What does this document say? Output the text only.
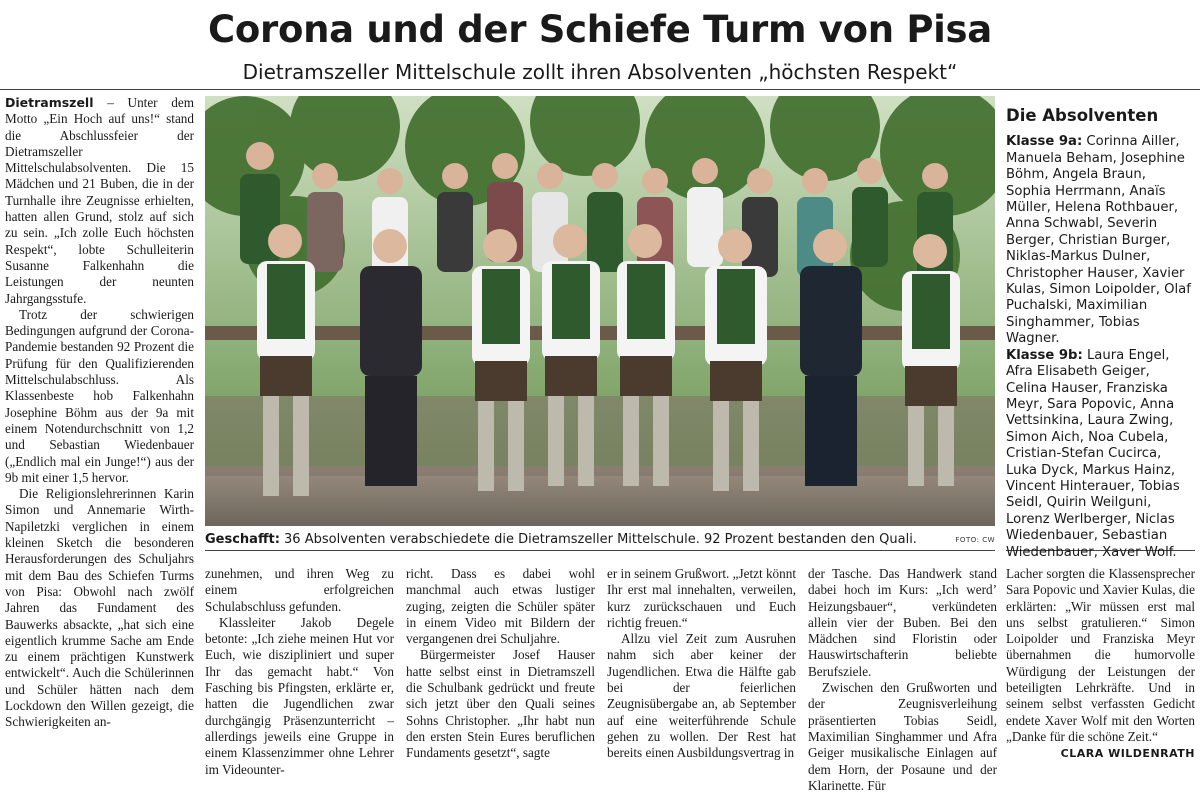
Corona und der Schiefe Turm von Pisa
Dietramszeller Mittelschule zollt ihren Absolventen „höchsten Respekt“

Dietramszell – Unter dem Motto „Ein Hoch auf uns!“ stand die Abschlussfeier der Dietramszeller Mittelschulabsolventen. Die 15 Mädchen und 21 Buben, die in der Turnhalle ihre Zeugnisse erhielten, hatten allen Grund, stolz auf sich zu sein. „Ich zolle Euch höchsten Respekt“, lobte Schulleiterin Susanne Falkenhahn die Leistungen der neunten Jahrgangsstufe.

Trotz der schwierigen Bedingungen aufgrund der Corona-Pandemie bestanden 92 Prozent die Prüfung für den Qualifizierenden Mittelschulabschluss. Als Klassenbeste hob Falkenhahn Josephine Böhm aus der 9a mit einem Notendurchschnitt von 1,2 und Sebastian Wiedenbauer („Endlich mal ein Junge!“) aus der 9b mit einer 1,5 hervor.

Die Religionslehrerinnen Karin Simon und Annemarie Wirth-Napiletzki verglichen in einem kleinen Sketch die besonderen Herausforderungen des Schuljahrs mit dem Bau des Schiefen Turms von Pisa: Obwohl nach zwölf Jahren das Fundament des Bauwerks absackte, „hat sich eine eigentlich krumme Sache am Ende zu einem prächtigen Kunstwerk entwickelt“. Auch die Schülerinnen und Schüler hätten nach dem Lockdown den Willen gezeigt, die Schwierigkeiten an-

Geschafft: 36 Absolventen verabschiedete die Dietramszeller Mittelschule. 92 Prozent bestanden den Quali.	FOTO: CW
Die Absolventen

Klasse 9a: Corinna Ailler, Manuela Beham, Josephine Böhm, Angela Braun, Sophia Herrmann, Anaïs Müller, Helena Rothbauer, Anna Schwabl, Severin Berger, Christian Burger, Niklas-Markus Dulner, Christopher Hauser, Xavier Kulas, Simon Loipolder, Olaf Puchalski, Maximilian Singhammer, Tobias Wagner.

Klasse 9b: Laura Engel, Afra Elisabeth Geiger, Celina Hauser, Franziska Meyr, Sara Popovic, Anna Vettsinkina, Laura Zwing, Simon Aich, Noa Cubela, Cristian-Stefan Cucirca, Luka Dyck, Markus Hainz, Vincent Hinterauer, Tobias Seidl, Quirin Weilguni, Lorenz Werlberger, Niclas Wiedenbauer, Sebastian Wiedenbauer, Xaver Wolf.

zunehmen, und ihren Weg zu einem erfolgreichen Schulabschluss gefunden.

Klassleiter Jakob Degele betonte: „Ich ziehe meinen Hut vor Euch, wie diszipliniert und super Ihr das gemacht habt.“ Von Fasching bis Pfingsten, erklärte er, hatten die Jugendlichen zwar durchgängig Präsenzunterricht – allerdings jeweils eine Gruppe in einem Klassenzimmer ohne Lehrer im Videounter-

richt. Dass es dabei wohl manchmal auch etwas lustiger zuging, zeigten die Schüler später in einem Video mit Bildern der vergangenen drei Schuljahre.

Bürgermeister Josef Hauser hatte selbst einst in Dietramszell die Schulbank gedrückt und freute sich jetzt über den Quali seines Sohns Christopher. „Ihr habt nun den ersten Stein Eures beruflichen Fundaments gesetzt“, sagte

er in seinem Grußwort. „Jetzt könnt Ihr erst mal innehalten, verweilen, kurz zurückschauen und Euch richtig freuen.“

Allzu viel Zeit zum Ausruhen nahm sich aber keiner der Jugendlichen. Etwa die Hälfte gab bei der feierlichen Zeugnisübergabe an, ab September auf eine weiterführende Schule gehen zu wollen. Der Rest hat bereits einen Ausbildungsvertrag in

der Tasche. Das Handwerk stand dabei hoch im Kurs: „Ich werd’ Heizungsbauer“, verkündeten allein vier der Buben. Bei den Mädchen sind Floristin oder Hauswirtschafterin beliebte Berufsziele.

Zwischen den Grußworten und der Zeugnisverleihung präsentierten Tobias Seidl, Maximilian Singhammer und Afra Geiger musikalische Einlagen auf dem Horn, der Posaune und der Klarinette. Für

Lacher sorgten die Klassensprecher Sara Popovic und Xavier Kulas, die erklärten: „Wir müssen erst mal uns selbst gratulieren.“ Simon Loipolder und Franziska Meyr übernahmen die humorvolle Würdigung der Leistungen der beteiligten Lehrkräfte. Und in seinem selbst verfassten Gedicht endete Xaver Wolf mit den Worten „Danke für die schöne Zeit.“

CLARA WILDENRATH
